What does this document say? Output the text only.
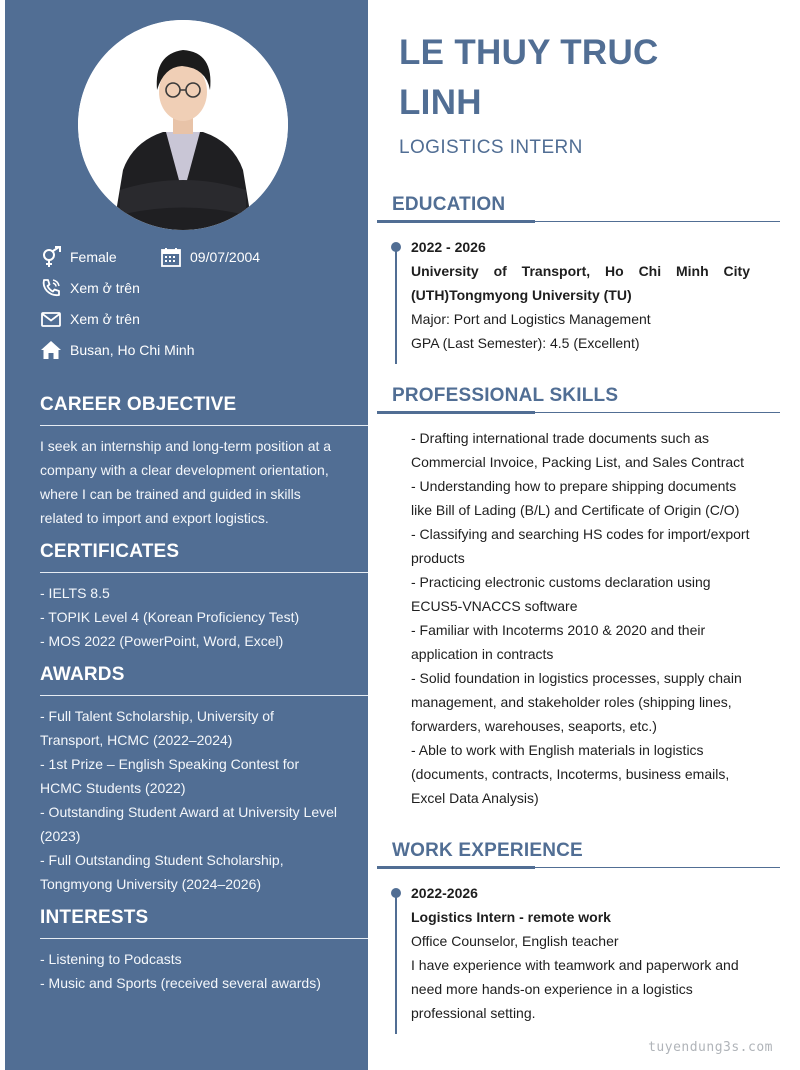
Female	09/07/2004
Xem ở trên
Xem ở trên
Busan, Ho Chi Minh
CAREER OBJECTIVE
I seek an internship and long-term position at a company with a clear development orientation, where I can be trained and guided in skills related to import and export logistics.
CERTIFICATES

- IELTS 8.5

- TOPIK Level 4 (Korean Proficiency Test)

- MOS 2022 (PowerPoint, Word, Excel)

AWARDS

- Full Talent Scholarship, University of Transport, HCMC (2022–2024)

- 1st Prize – English Speaking Contest for HCMC Students (2022)

- Outstanding Student Award at University Level (2023)

- Full Outstanding Student Scholarship, Tongmyong University (2024–2026)

INTERESTS

- Listening to Podcasts

- Music and Sports (received several awards)

LE THUY TRUC
LINH
LOGISTICS INTERN
EDUCATION
2022 - 2026
University of Transport, Ho Chi Minh City
(UTH)Tongmyong University (TU)
Major: Port and Logistics Management
GPA (Last Semester): 4.5 (Excellent)
PROFESSIONAL SKILLS

- Drafting international trade documents such as Commercial Invoice, Packing List, and Sales Contract

- Understanding how to prepare shipping documents like Bill of Lading (B/L) and Certificate of Origin (C/O)

- Classifying and searching HS codes for import/export products

- Practicing electronic customs declaration using ECUS5-VNACCS software

- Familiar with Incoterms 2010 & 2020 and their application in contracts

- Solid foundation in logistics processes, supply chain management, and stakeholder roles (shipping lines, forwarders, warehouses, seaports, etc.)

- Able to work with English materials in logistics (documents, contracts, Incoterms, business emails, Excel Data Analysis)

WORK EXPERIENCE
2022-2026
Logistics Intern - remote work
Office Counselor, English teacher
I have experience with teamwork and paperwork and need more hands-on experience in a logistics professional setting.
tuyendung3s.com
